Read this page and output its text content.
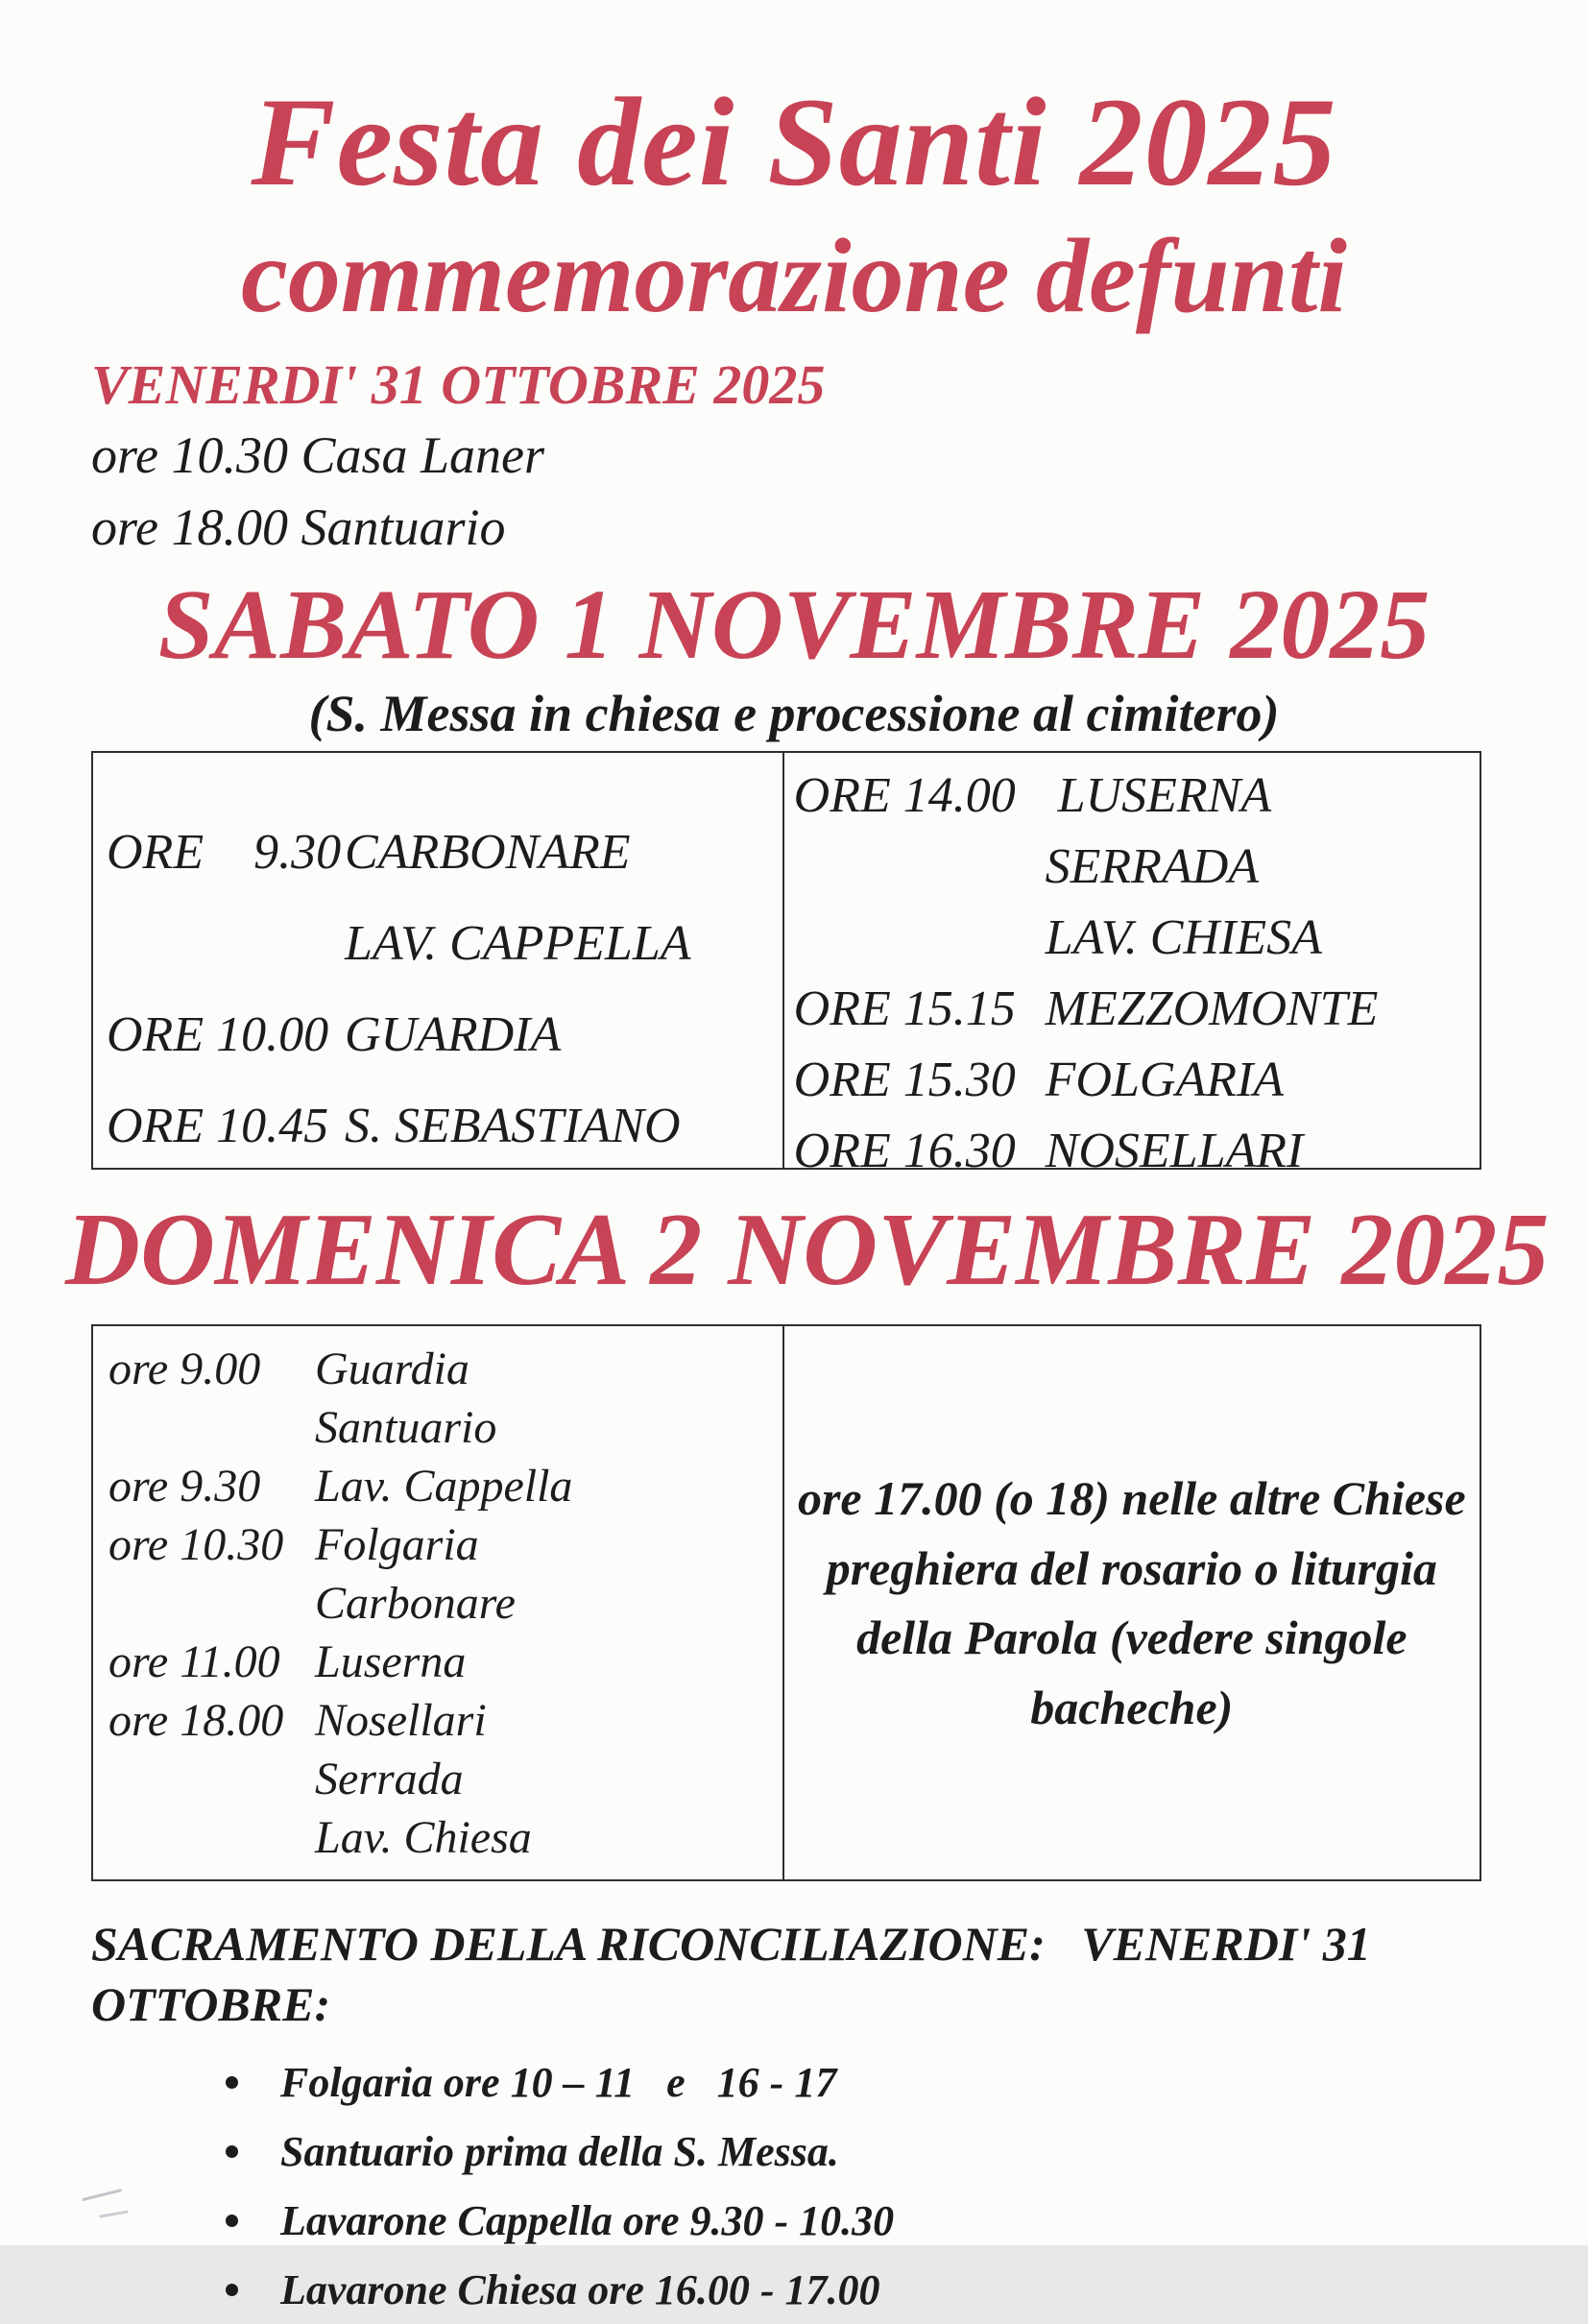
Festa dei Santi 2025
commemorazione defunti
VENERDI' 31 OTTOBRE 2025
ore 10.30 Casa Laner
ore 18.00 Santuario
SABATO 1 NOVEMBRE 2025
(S. Messa in chiesa e processione al cimitero)
ORE    9.30 CARBONARE
LAV. CAPPELLA
ORE 10.00 GUARDIA
ORE 10.45 S. SEBASTIANO
ORE 14.00 LUSERNA
SERRADA
LAV. CHIESA
ORE 15.15 MEZZOMONTE
ORE 15.30 FOLGARIA
ORE 16.30 NOSELLARI
DOMENICA 2 NOVEMBRE 2025
ore 9.00	Guardia
Santuario
ore 9.30	Lav. Cappella
ore 10.30 Folgaria
Carbonare
ore 11.00 Luserna
ore 18.00 Nosellari
Serrada
Lav. Chiesa
ore 17.00 (o 18) nelle altre Chiese
preghiera del rosario o liturgia
della Parola (vedere singole
bacheche)
SACRAMENTO DELLA RICONCILIAZIONE:   VENERDI' 31 OTTOBRE:
Folgaria ore 10 – 11   e   16 - 17
Santuario prima della S. Messa.
Lavarone Cappella ore 9.30 - 10.30
Lavarone Chiesa ore 16.00 - 17.00
